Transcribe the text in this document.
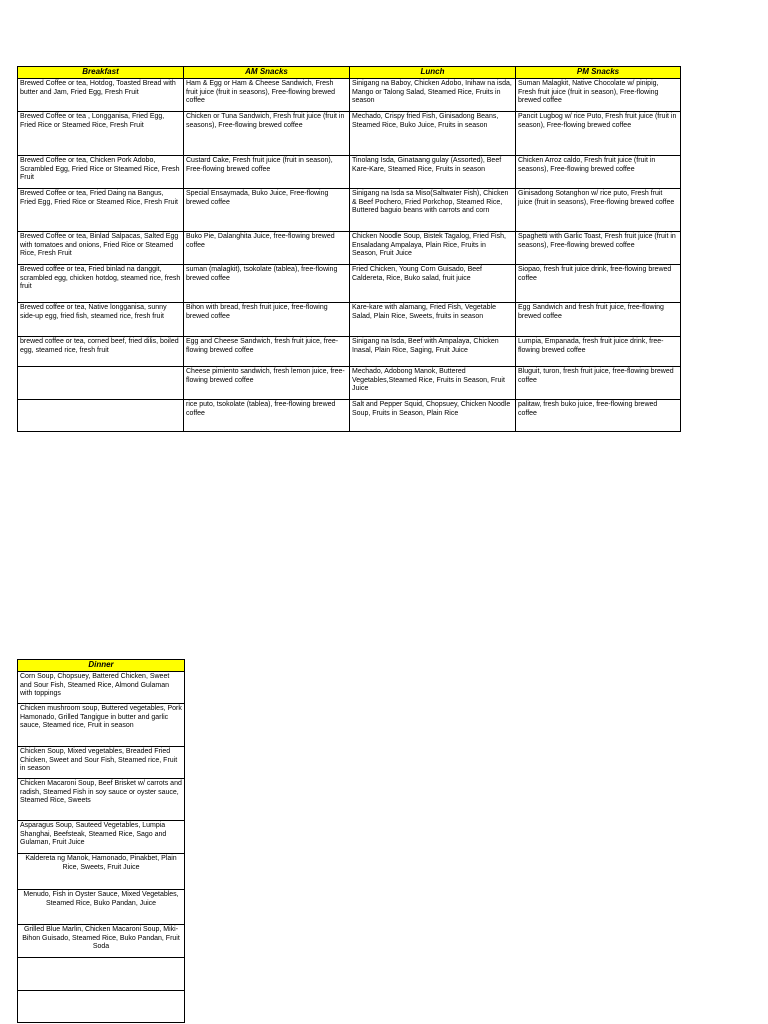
Breakfast	AM Snacks	Lunch	PM Snacks
Brewed Coffee or tea, Hotdog, Toasted Bread with butter and Jam, Fried Egg, Fresh Fruit	Ham & Egg or Ham & Cheese Sandwich, Fresh fruit juice (fruit in seasons), Free-flowing brewed coffee	Sinigang na Baboy, Chicken Adobo, Inihaw na isda, Mango or Talong Salad, Steamed Rice, Fruits in season	Suman Malagkit, Native Chocolate w/ pinipig, Fresh fruit juice (fruit in season), Free-flowing brewed coffee
Brewed Coffee or tea , Longganisa, Fried Egg, Fried Rice or Steamed Rice, Fresh Fruit	Chicken or Tuna Sandwich, Fresh fruit juice (fruit in seasons), Free-flowing brewed coffee	Mechado, Crispy fried Fish, Ginisadong Beans, Steamed Rice, Buko Juice, Fruits in season	Pancit Lugbog w/ rice Puto, Fresh fruit juice (fruit in season), Free-flowing brewed coffee
Brewed Coffee or tea, Chicken Pork Adobo, Scrambled Egg, Fried Rice or Steamed Rice, Fresh Fruit	Custard Cake, Fresh fruit juice (fruit in season), Free-flowing brewed coffee	Tinolang Isda, Ginataang gulay (Assorted), Beef Kare-Kare, Steamed Rice, Fruits in season	Chicken Arroz caldo, Fresh fruit juice (fruit in seasons), Free-flowing brewed coffee
Brewed Coffee or tea, Fried Daing na Bangus, Fried Egg, Fried Rice or Steamed Rice, Fresh Fruit	Special Ensaymada, Buko Juice, Free-flowing brewed coffee	Sinigang na Isda sa Miso(Saltwater Fish), Chicken & Beef Pochero, Fried Porkchop, Steamed Rice, Buttered baguio beans with carrots and corn	Ginisadong Sotanghon w/ rice puto, Fresh fruit juice (fruit in seasons), Free-flowing brewed coffee
Brewed Coffee or tea, Binlad Salpacas, Salted Egg with tomatoes and onions, Fried Rice or Steamed Rice, Fresh Fruit	Buko Pie, Dalanghita Juice, free-flowing brewed coffee	Chicken Noodle Soup, Bistek Tagalog, Fried Fish, Ensaladang Ampalaya, Plain Rice, Fruits in Season, Fruit Juice	Spaghetti with Garlic Toast, Fresh fruit juice (fruit in seasons), Free-flowing brewed coffee
Brewed coffee or tea, Fried binlad na danggit, scrambled egg, chicken hotdog, steamed rice, fresh fruit	suman (malagkit), tsokolate (tablea), free-flowing brewed coffee	Fried Chicken, Young Corn Guisado, Beef Caldereta, Rice, Buko salad, fruit juice	Siopao, fresh fruit juice drink, free-flowing brewed coffee
Brewed coffee or tea, Native longganisa, sunny side-up egg, fried fish, steamed rice, fresh fruit	Bihon with bread, fresh fruit juice, free-flowing brewed coffee	Kare-kare with alamang, Fried Fish, Vegetable Salad, Plain Rice, Sweets, fruits in season	Egg Sandwich and fresh fruit juice, free-flowing brewed coffee
brewed coffee or tea, corned beef, fried dilis, boiled egg, steamed rice, fresh fruit	Egg and Cheese Sandwich, fresh fruit juice, free-flowing brewed coffee	Sinigang na Isda, Beef with Ampalaya, Chicken Inasal, Plain Rice, Saging, Fruit Juice	Lumpia, Empanada, fresh fruit juice drink, free-flowing brewed coffee
	Cheese pimiento sandwich, fresh lemon juice, free-flowing brewed coffee	Mechado, Adobong Manok, Buttered Vegetables,Steamed Rice, Fruits in Season, Fruit Juice	Bluguit, turon, fresh fruit juice, free-flowing brewed coffee
	rice puto, tsokolate (tablea), free-flowing brewed coffee	Salt and Pepper Squid, Chopsuey, Chicken Noodle Soup, Fruits in Season, Plain Rice	palitaw, fresh buko juice, free-flowing brewed coffee
Dinner
Corn Soup, Chopsuey, Battered Chicken, Sweet and Sour Fish, Steamed Rice, Almond Gulaman with toppings
Chicken mushroom soup, Buttered vegetables, Pork Hamonado, Grilled Tangigue in butter and garlic sauce, Steamed rice, Fruit in season
Chicken Soup, Mixed vegetables, Breaded Fried Chicken, Sweet and Sour Fish, Steamed rice, Fruit in season
Chicken Macaroni Soup, Beef Brisket w/ carrots and radish, Steamed Fish in soy sauce or oyster sauce, Steamed Rice, Sweets
Asparagus Soup, Sauteed Vegetables, Lumpia Shanghai, Beefsteak, Steamed Rice, Sago and Gulaman, Fruit Juice
Kaldereta ng Manok, Hamonado, Pinakbet, Plain Rice, Sweets, Fruit Juice
Menudo, Fish in Oyster Sauce, Mixed Vegetables, Steamed Rice, Buko Pandan, Juice
Grilled Blue Marlin, Chicken Macaroni Soup, Miki-Bihon Guisado, Steamed Rice, Buko Pandan, Fruit Soda
